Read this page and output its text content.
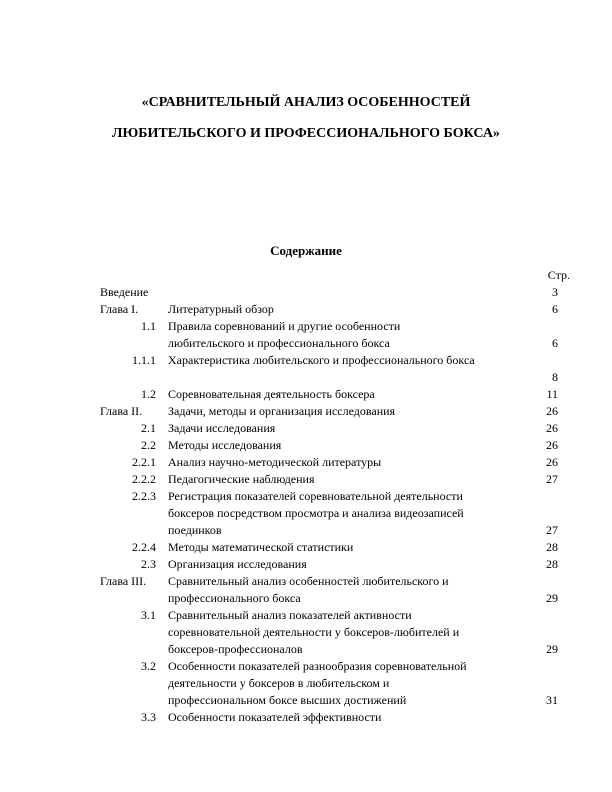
«СРАВНИТЕЛЬНЫЙ АНАЛИЗ ОСОБЕННОСТЕЙ
ЛЮБИТЕЛЬСКОГО И ПРОФЕССИОНАЛЬНОГО БОКСА»
Содержание
Стр.
Введение	3
Глава I. Литературный обзор	6
1.1 Правила соревнований и другие особенности
любительского и профессионального бокса	6
1.1.1 Характеристика любительского и профессионального бокса
8
1.2 Соревновательная деятельность боксера	11
Глава II. Задачи, методы и организация исследования	26
2.1 Задачи исследования	26
2.2 Методы исследования	26
2.2.1 Анализ научно-методической литературы	26
2.2.2 Педагогические наблюдения	27
2.2.3 Регистрация показателей соревновательной деятельности
боксеров посредством просмотра и анализа видеозаписей
поединков	27
2.2.4 Методы математической статистики	28
2.3 Организация исследования	28
Глава III. Сравнительный анализ особенностей любительского и
профессионального бокса	29
3.1 Сравнительный анализ показателей активности
соревновательной деятельности у боксеров-любителей и
боксеров-профессионалов	29
3.2 Особенности показателей разнообразия соревновательной
деятельности у боксеров в любительском и
профессиональном боксе высших достижений	31
3.3 Особенности показателей эффективности
